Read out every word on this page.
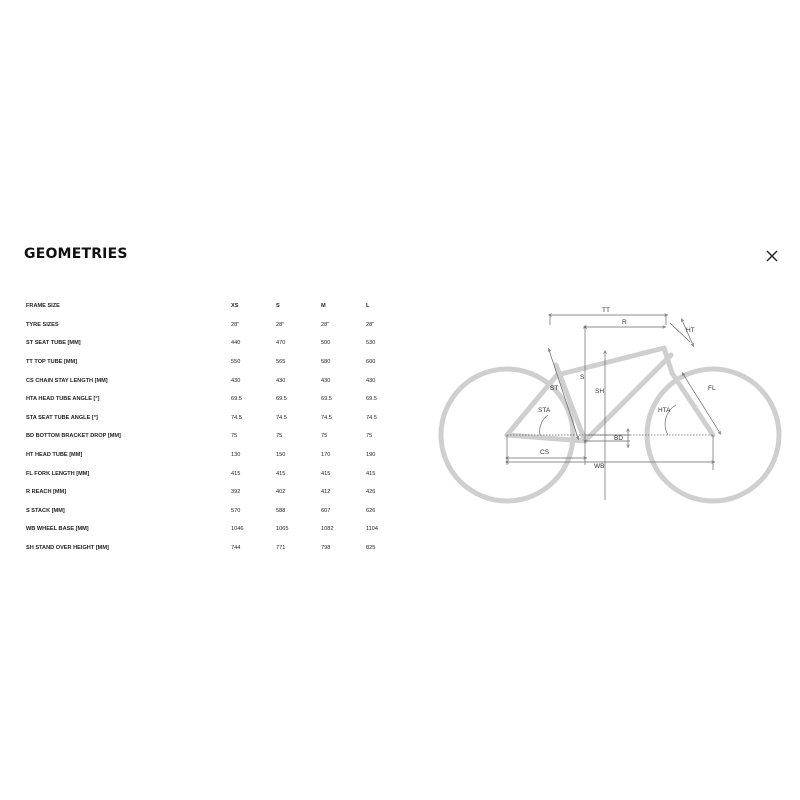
GEOMETRIES
FRAME SIZE	XS	S	M	L
TYRE SIZES	28"	28"	28"	28"
ST SEAT TUBE [MM]	440	470	500	530
TT TOP TUBE [MM]	550	565	580	600
CS CHAIN STAY LENGTH [MM]	430	430	430	430
HTA HEAD TUBE ANGLE [°]	69.5	69.5	69.5	69.5
STA SEAT TUBE ANGLE [°]	74.5	74.5	74.5	74.5
BD BOTTOM BRACKET DROP [MM]	75	75	75	75
HT HEAD TUBE [MM]	130	150	170	190
FL FORK LENGTH [MM]	415	415	415	415
R REACH [MM]	392	402	412	426
S STACK [MM]	570	588	607	626
WB WHEEL BASE [MM]	1046	1065	1082	1104
SH STAND OVER HEIGHT [MM]	744	771	798	825
TT
R
HT
ST
S
SH
STA
FL
HTA
BD
CS
WB
